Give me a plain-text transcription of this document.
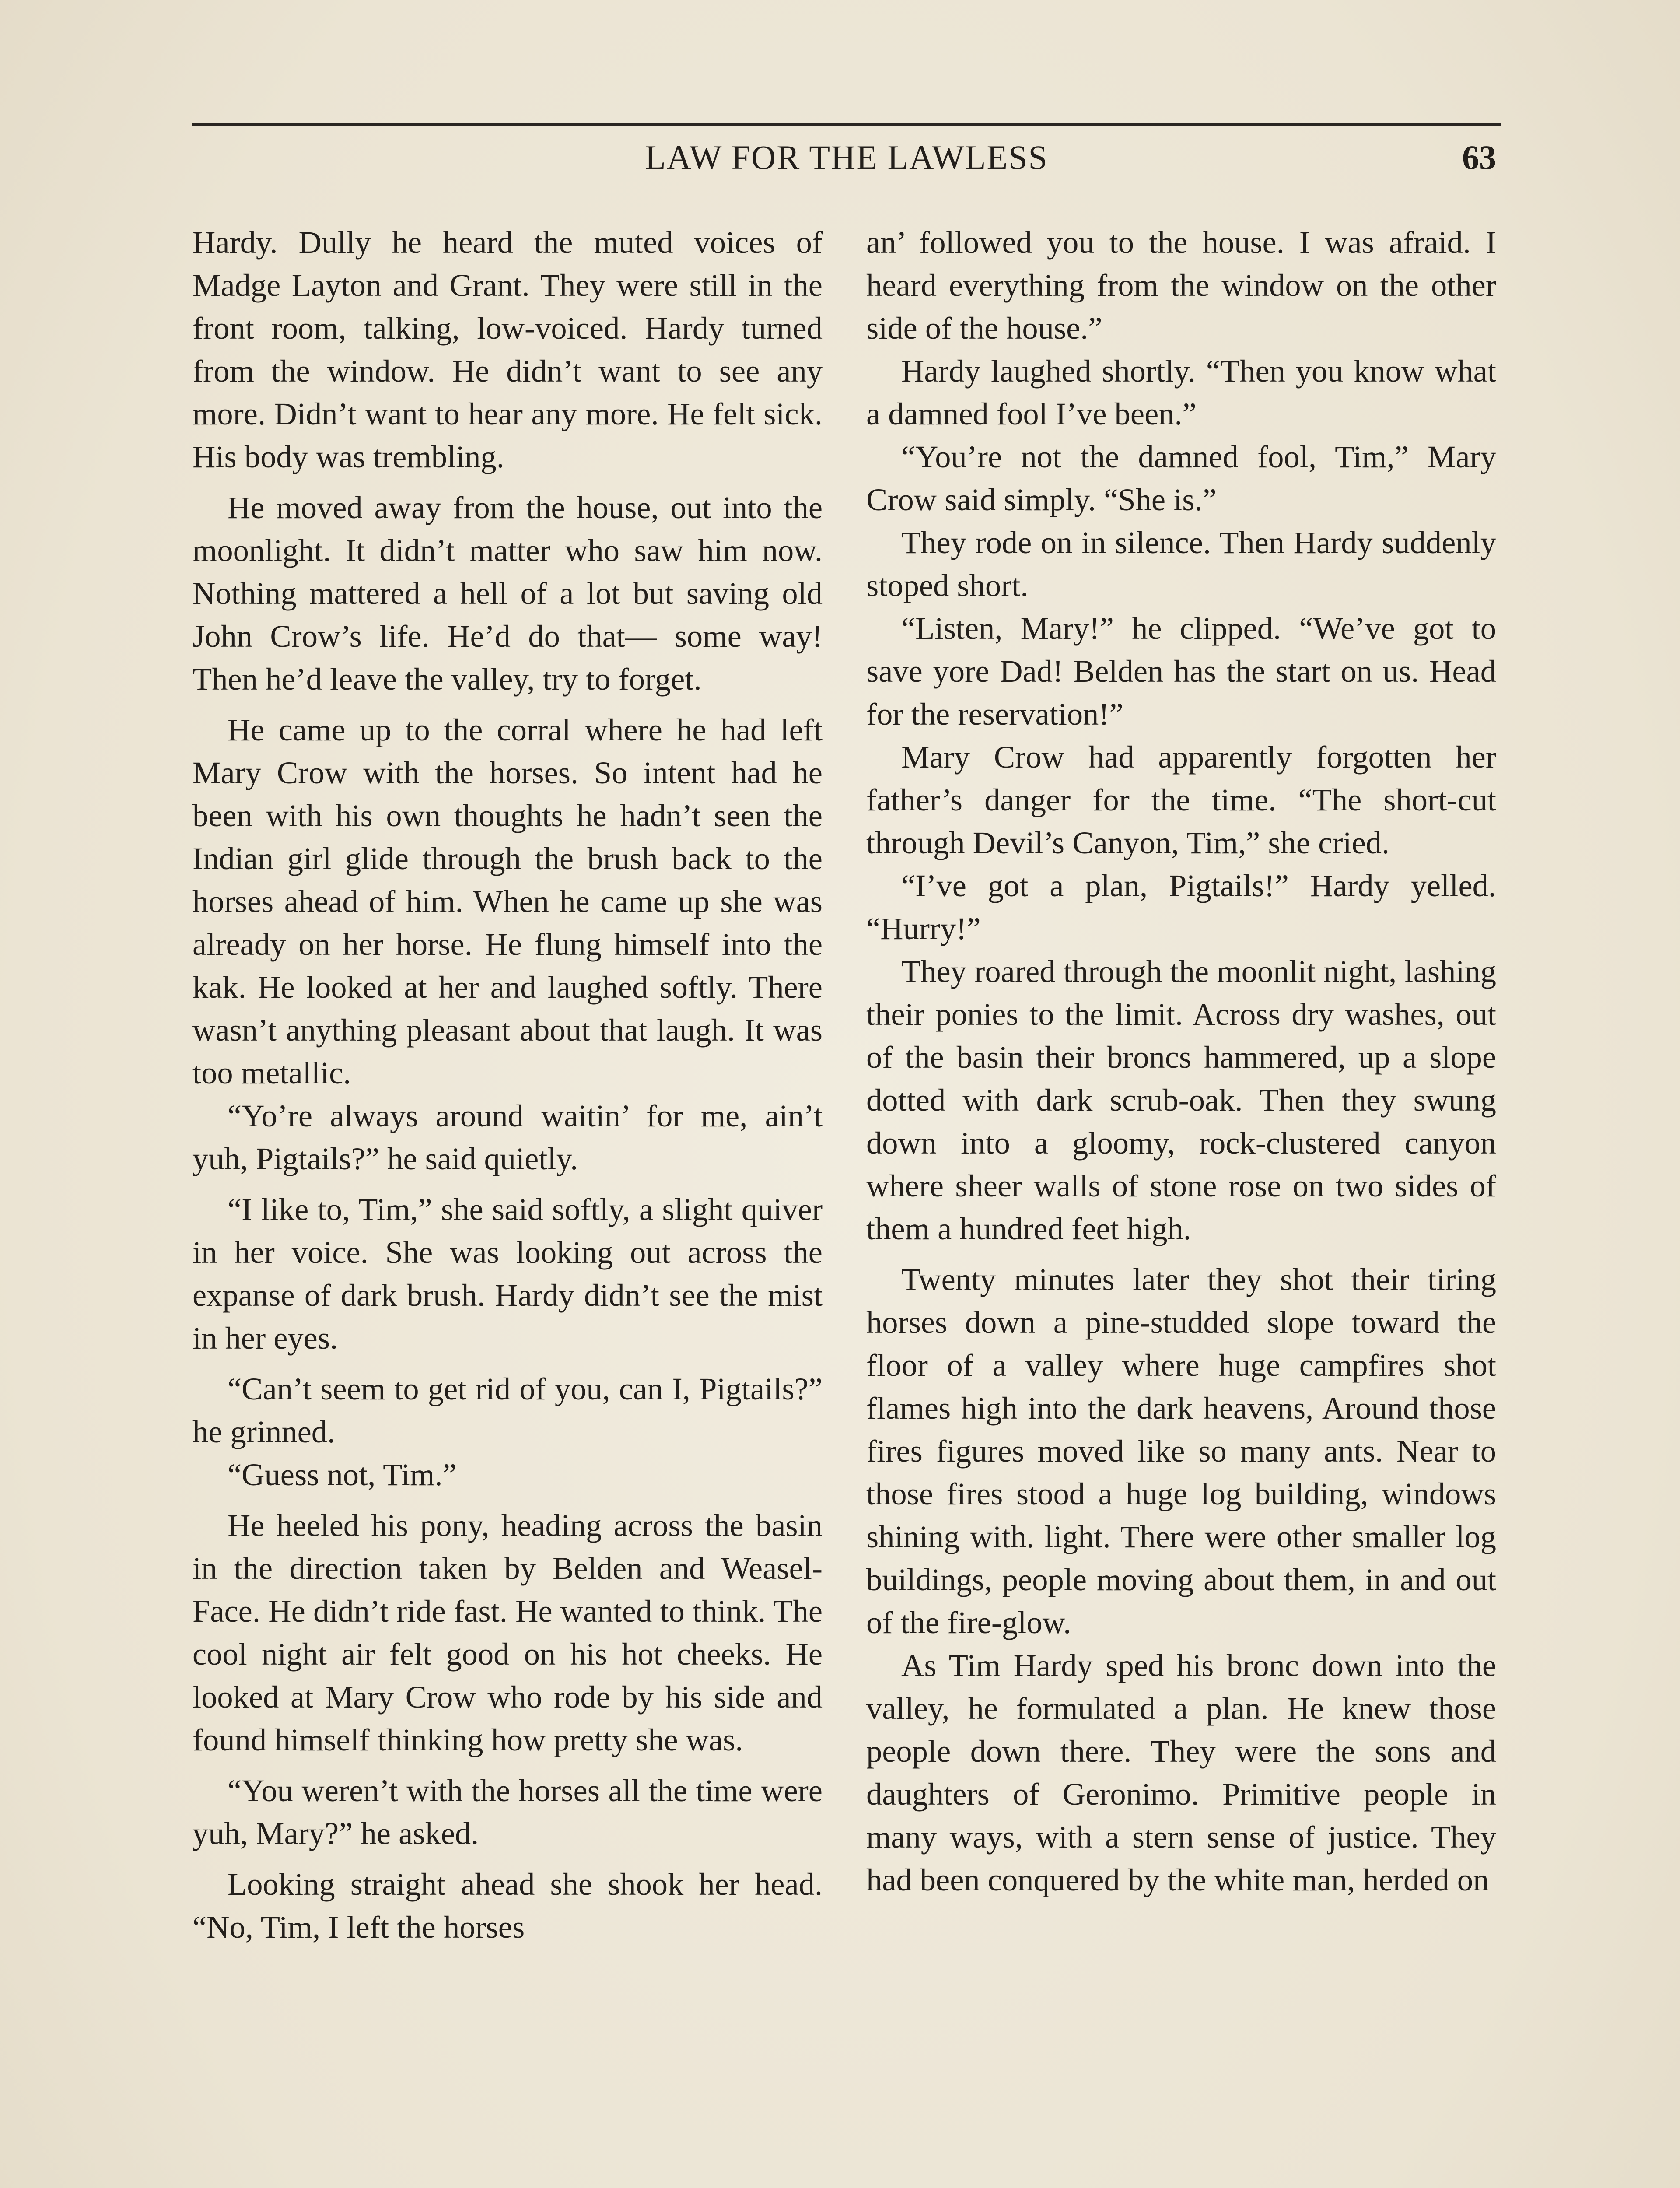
LAW FOR THE LAWLESS	63

Hardy. Dully he heard the muted voices of Madge Layton and Grant. They were still in the front room, talking, low-voiced. Hardy turned from the window. He didn’t want to see any more. Didn’t want to hear any more. He felt sick. His body was trembling.

He moved away from the house, out into the moonlight. It didn’t matter who saw him now. Nothing mattered a hell of a lot but saving old John Crow’s life. He’d do that— some way! Then he’d leave the valley, try to forget.

He came up to the corral where he had left Mary Crow with the horses. So intent had he been with his own thoughts he hadn’t seen the Indian girl glide through the brush back to the horses ahead of him. When he came up she was already on her horse. He flung himself into the kak. He looked at her and laughed softly. There wasn’t anything pleasant about that laugh. It was too metallic.

“Yo’re always around waitin’ for me, ain’t yuh, Pigtails?” he said quietly.

“I like to, Tim,” she said softly, a slight quiver in her voice. She was looking out across the expanse of dark brush. Hardy didn’t see the mist in her eyes.

“Can’t seem to get rid of you, can I, Pigtails?” he grinned.

“Guess not, Tim.”

He heeled his pony, heading across the basin in the direction taken by Belden and Weasel-Face. He didn’t ride fast. He wanted to think. The cool night air felt good on his hot cheeks. He looked at Mary Crow who rode by his side and found himself thinking how pretty she was.

“You weren’t with the horses all the time were yuh, Mary?” he asked.

Looking straight ahead she shook her head. “No, Tim, I left the horses

an’ followed you to the house. I was afraid. I heard everything from the window on the other side of the house.”

Hardy laughed shortly. “Then you know what a damned fool I’ve been.”

“You’re not the damned fool, Tim,” Mary Crow said simply. “She is.”

They rode on in silence. Then Hardy suddenly stoped short.

“Listen, Mary!” he clipped. “We’ve got to save yore Dad! Belden has the start on us. Head for the reservation!”

Mary Crow had apparently forgotten her father’s danger for the time. “The short-cut through Devil’s Canyon, Tim,” she cried.

“I’ve got a plan, Pigtails!” Hardy yelled. “Hurry!”

They roared through the moonlit night, lashing their ponies to the limit. Across dry washes, out of the basin their broncs hammered, up a slope dotted with dark scrub-oak. Then they swung down into a gloomy, rock-clustered canyon where sheer walls of stone rose on two sides of them a hundred feet high.

Twenty minutes later they shot their tiring horses down a pine-studded slope toward the floor of a valley where huge campfires shot flames high into the dark heavens, Around those fires figures moved like so many ants. Near to those fires stood a huge log building, windows shining with. light. There were other smaller log buildings, people moving about them, in and out of the fire-glow.

As Tim Hardy sped his bronc down into the valley, he formulated a plan. He knew those people down there. They were the sons and daughters of Geronimo. Primitive people in many ways, with a stern sense of justice. They had been conquered by the white man, herded on
